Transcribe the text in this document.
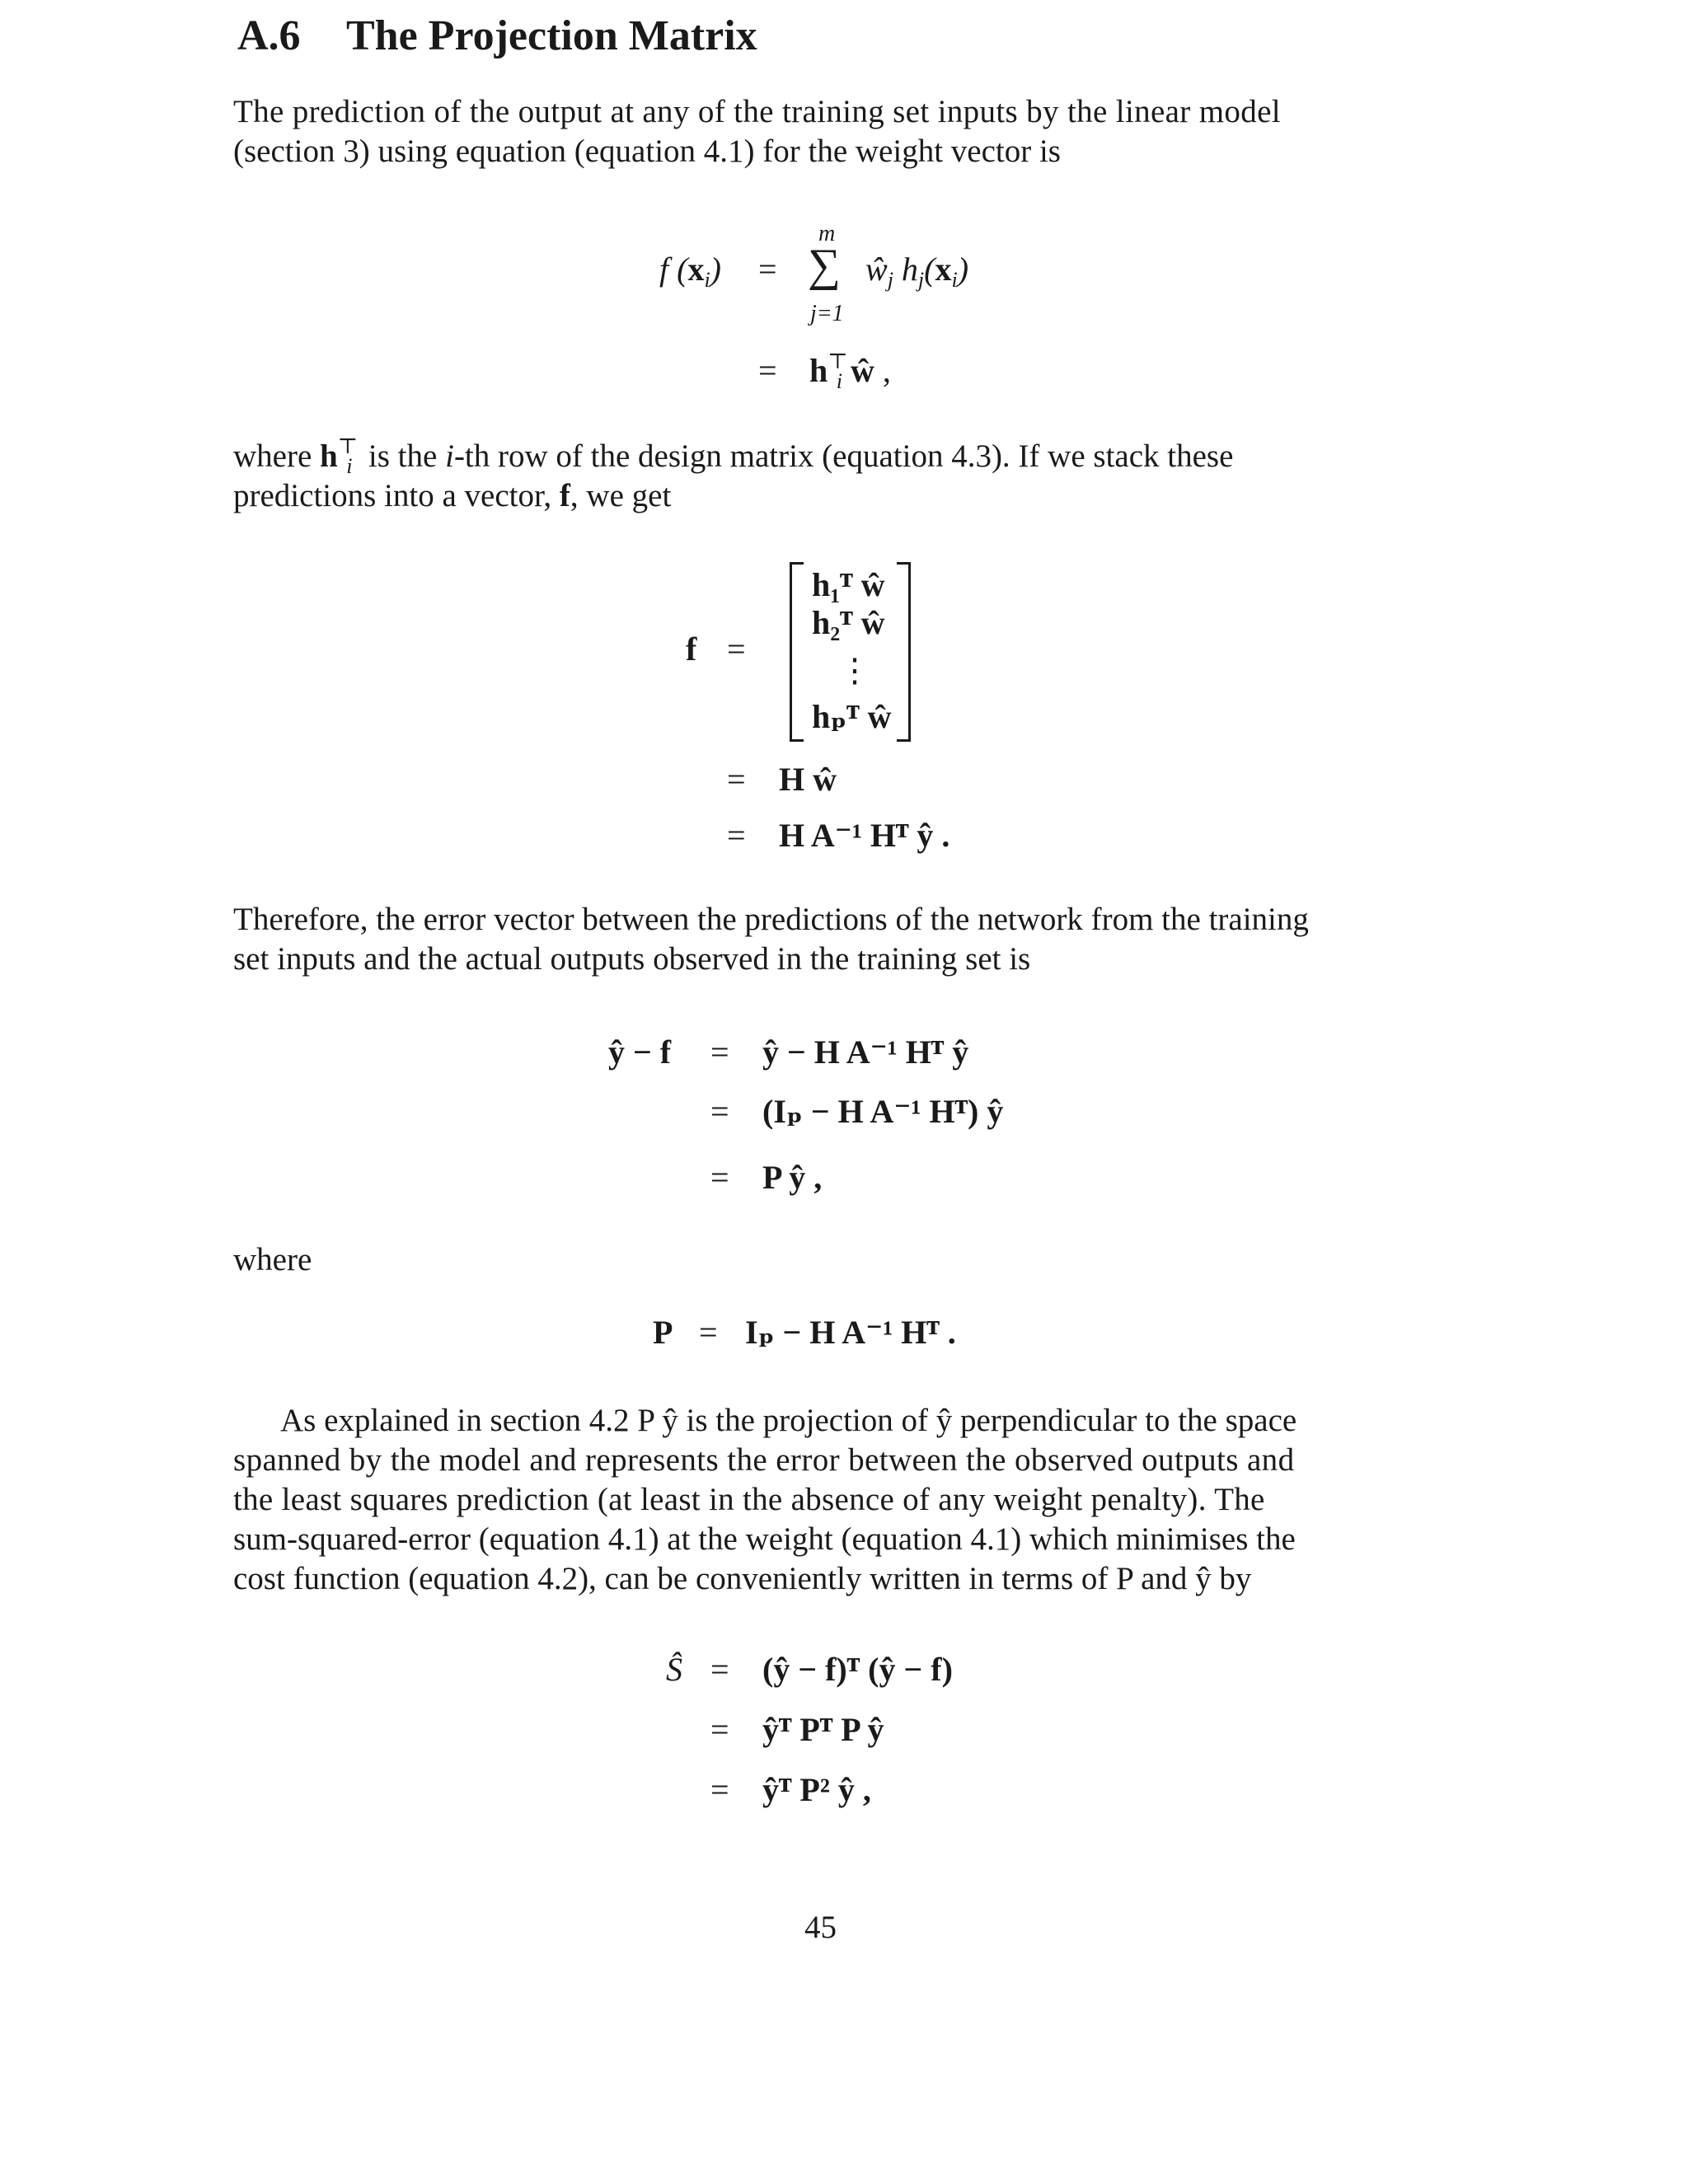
A.6 The Projection Matrix
The prediction of the output at any of the training set inputs by the linear model
(section 3) using equation (equation 4.1) for the weight vector is
f $(x_i)$ =
m
∑
j=1
$ŵ_j$ $h_j(x_i)$
= $h^⊤_i$ ŵ ,
where $h^⊤_i$ is the i-th row of the design matrix (equation 4.3). If we stack these
predictions into a vector, f, we get
f =
h₁ᵀ ŵ
h₂ᵀ ŵ
⋮
hₚᵀ ŵ
= H ŵ
= H A⁻¹ Hᵀ ŷ .
Therefore, the error vector between the predictions of the network from the training
set inputs and the actual outputs observed in the training set is
ŷ − f = ŷ − H A⁻¹ Hᵀ ŷ
= (Iₚ − H A⁻¹ Hᵀ) ŷ
= P ŷ ,
where
P = Iₚ − H A⁻¹ Hᵀ .
As explained in section 4.2 P ŷ is the projection of ŷ perpendicular to the space
spanned by the model and represents the error between the observed outputs and
the least squares prediction (at least in the absence of any weight penalty). The
sum-squared-error (equation 4.1) at the weight (equation 4.1) which minimises the
cost function (equation 4.2), can be conveniently written in terms of P and ŷ by
Ŝ = (ŷ − f)ᵀ (ŷ − f)
= ŷᵀ Pᵀ P ŷ
= ŷᵀ P² ŷ ,
45
